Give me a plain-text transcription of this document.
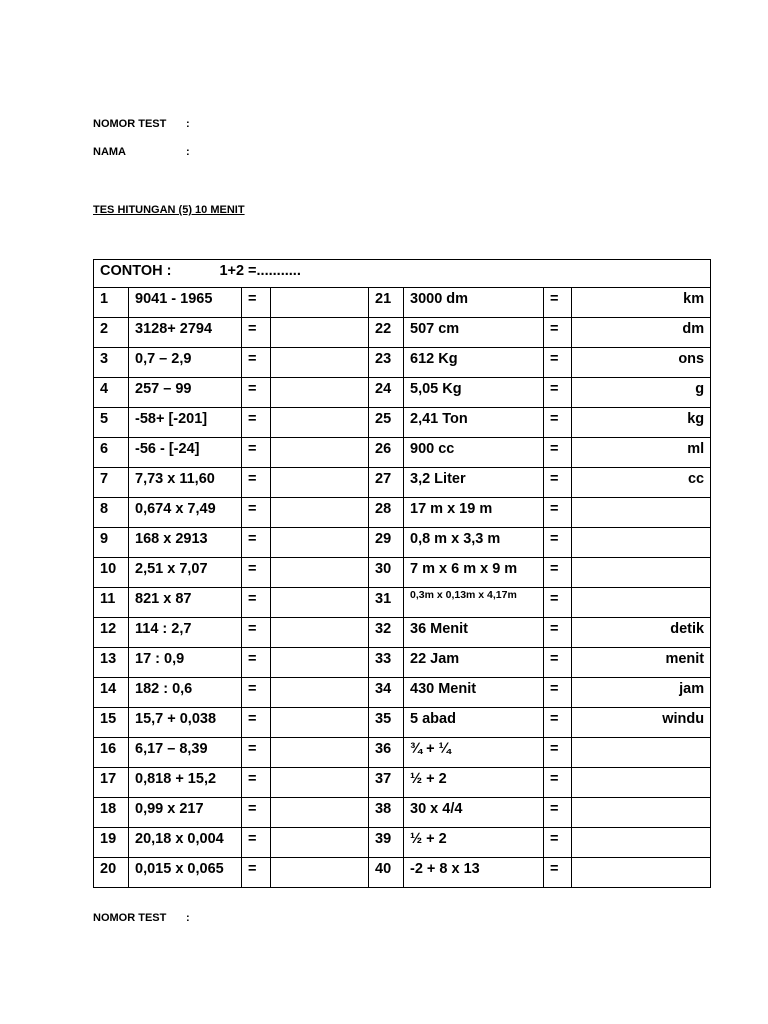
NOMOR TEST :
NAMA	:
TES HITUNGAN (5) 10 MENIT
CONTOH : 1+2 =...........							
1	9041 - 1965	=		21	3000 dm	=	km
2	3128+ 2794	=		22	507 cm	=	dm
3	0,7 – 2,9	=		23	612 Kg	=	ons
4	257 – 99	=		24	5,05 Kg	=	g
5	-58+ [-201]	=		25	2,41 Ton	=	kg
6	-56 - [-24]	=		26	900 cc	=	ml
7	7,73 x 11,60	=		27	3,2 Liter	=	cc
8	0,674 x 7,49	=		28	17 m x 19 m	=	
9	168 x 2913	=		29	0,8 m x 3,3 m	=	
10	2,51 x 7,07	=		30	7 m x 6 m x 9 m	=	
11	821 x 87	=		31	0,3m x 0,13m x 4,17m	=	
12	114 : 2,7	=		32	36 Menit	=	detik
13	17 : 0,9	=		33	22 Jam	=	menit
14	182 : 0,6	=		34	430 Menit	=	jam
15	15,7 + 0,038	=		35	5 abad	=	windu
16	6,17 – 8,39	=		36	¾ + ¼	=	
17	0,818 + 15,2	=		37	½ + 2	=	
18	0,99 x 217	=		38	30 x 4/4	=	
19	20,18 x 0,004	=		39	½ + 2	=	
20	0,015 x 0,065	=		40	-2 + 8 x 13	=	
NOMOR TEST :
